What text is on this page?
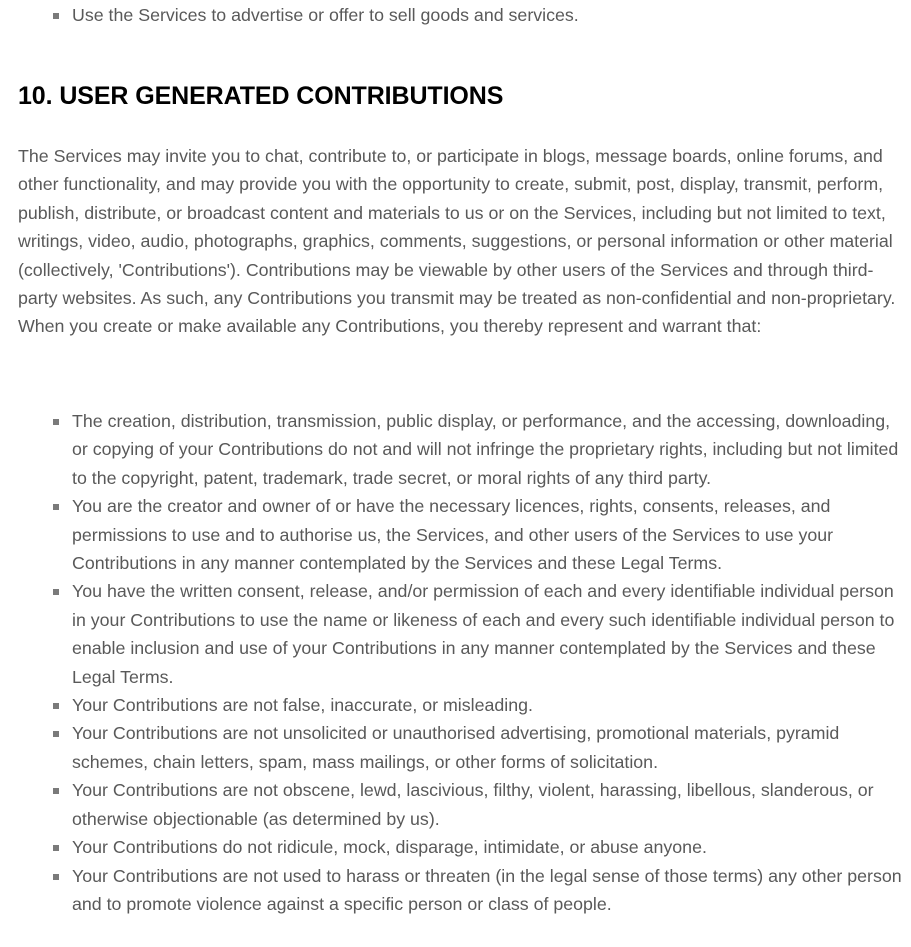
Use the Services to advertise or offer to sell goods and services.
10. USER GENERATED CONTRIBUTIONS

The Services may invite you to chat, contribute to, or participate in blogs, message boards, online forums, and other functionality, and may provide you with the opportunity to create, submit, post, display, transmit, perform, publish, distribute, or broadcast content and materials to us or on the Services, including but not limited to text, writings, video, audio, photographs, graphics, comments, suggestions, or personal information or other material (collectively, 'Contributions'). Contributions may be viewable by other users of the Services and through third-party websites. As such, any Contributions you transmit may be treated as non-confidential and non-proprietary. When you create or make available any Contributions, you thereby represent and warrant that:

The creation, distribution, transmission, public display, or performance, and the accessing, downloading, or copying of your Contributions do not and will not infringe the proprietary rights, including but not limited to the copyright, patent, trademark, trade secret, or moral rights of any third party.
You are the creator and owner of or have the necessary licences, rights, consents, releases, and permissions to use and to authorise us, the Services, and other users of the Services to use your Contributions in any manner contemplated by the Services and these Legal Terms.
You have the written consent, release, and/or permission of each and every identifiable individual person in your Contributions to use the name or likeness of each and every such identifiable individual person to enable inclusion and use of your Contributions in any manner contemplated by the Services and these Legal Terms.
Your Contributions are not false, inaccurate, or misleading.
Your Contributions are not unsolicited or unauthorised advertising, promotional materials, pyramid schemes, chain letters, spam, mass mailings, or other forms of solicitation.
Your Contributions are not obscene, lewd, lascivious, filthy, violent, harassing, libellous, slanderous, or otherwise objectionable (as determined by us).
Your Contributions do not ridicule, mock, disparage, intimidate, or abuse anyone.
Your Contributions are not used to harass or threaten (in the legal sense of those terms) any other person and to promote violence against a specific person or class of people.
